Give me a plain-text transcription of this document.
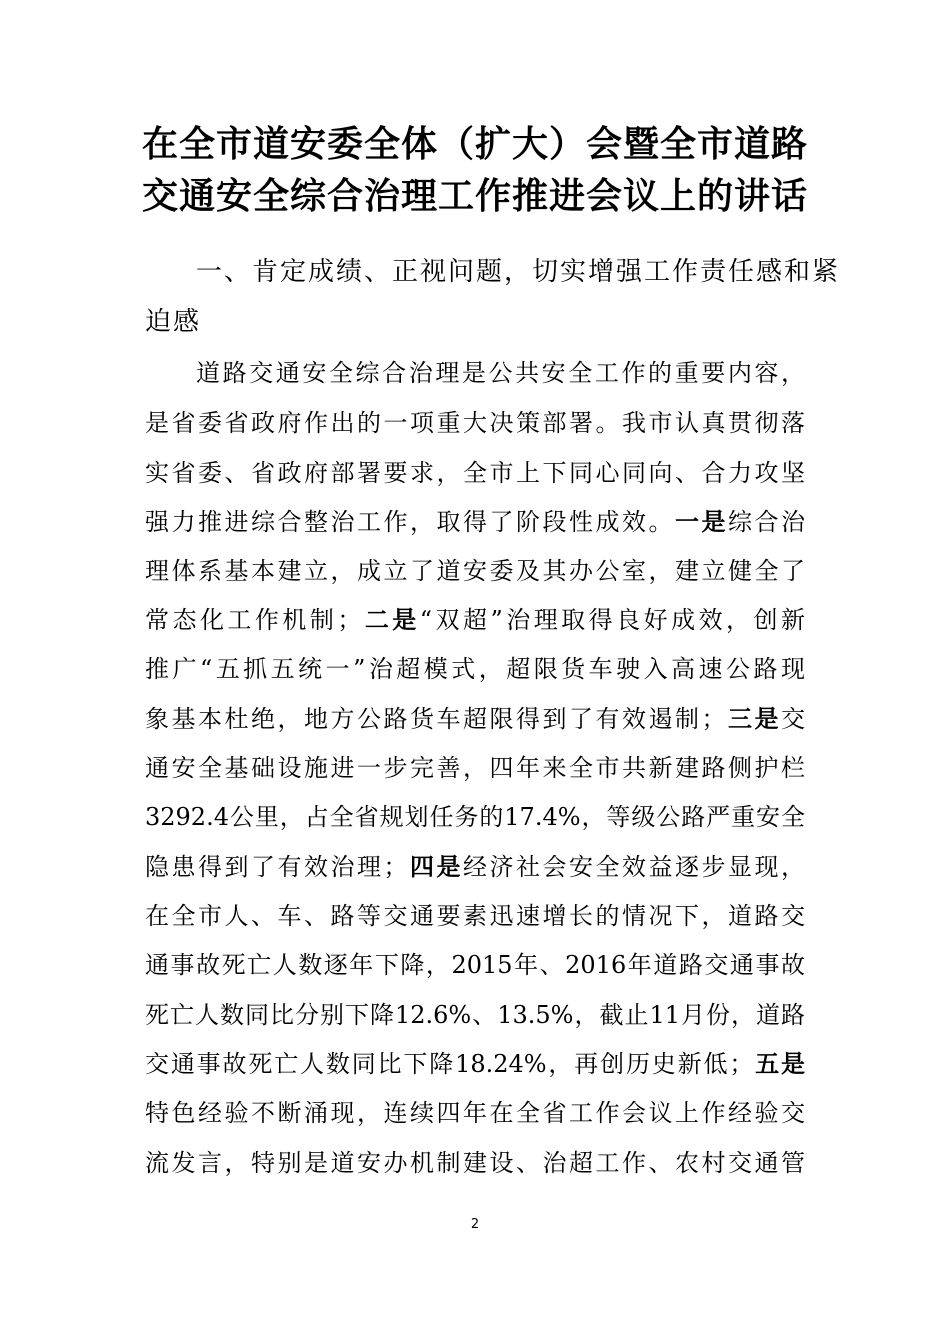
在全市道安委全体（扩大）会暨全市道路
交通安全综合治理工作推进会议上的讲话
一、肯定成绩、正视问题，切实增强工作责任感和紧
迫感
道路交通安全综合治理是公共安全工作的重要内容，
是省委省政府作出的一项重大决策部署。我市认真贯彻落
实省委、省政府部署要求，全市上下同心同向、合力攻坚
强力推进综合整治工作，取得了阶段性成效。一是综合治
理体系基本建立，成立了道安委及其办公室，建立健全了
常态化工作机制；二是“双超”治理取得良好成效，创新
推广“五抓五统一”治超模式，超限货车驶入高速公路现
象基本杜绝，地方公路货车超限得到了有效遏制；三是交
通安全基础设施进一步完善，四年来全市共新建路侧护栏
3292.4公里，占全省规划任务的17.4%，等级公路严重安全
隐患得到了有效治理；四是经济社会安全效益逐步显现，
在全市人、车、路等交通要素迅速增长的情况下，道路交
通事故死亡人数逐年下降，2015年、2016年道路交通事故
死亡人数同比分别下降12.6%、13.5%，截止11月份，道路
交通事故死亡人数同比下降18.24%，再创历史新低；五是
特色经验不断涌现，连续四年在全省工作会议上作经验交
流发言，特别是道安办机制建设、治超工作、农村交通管
2
